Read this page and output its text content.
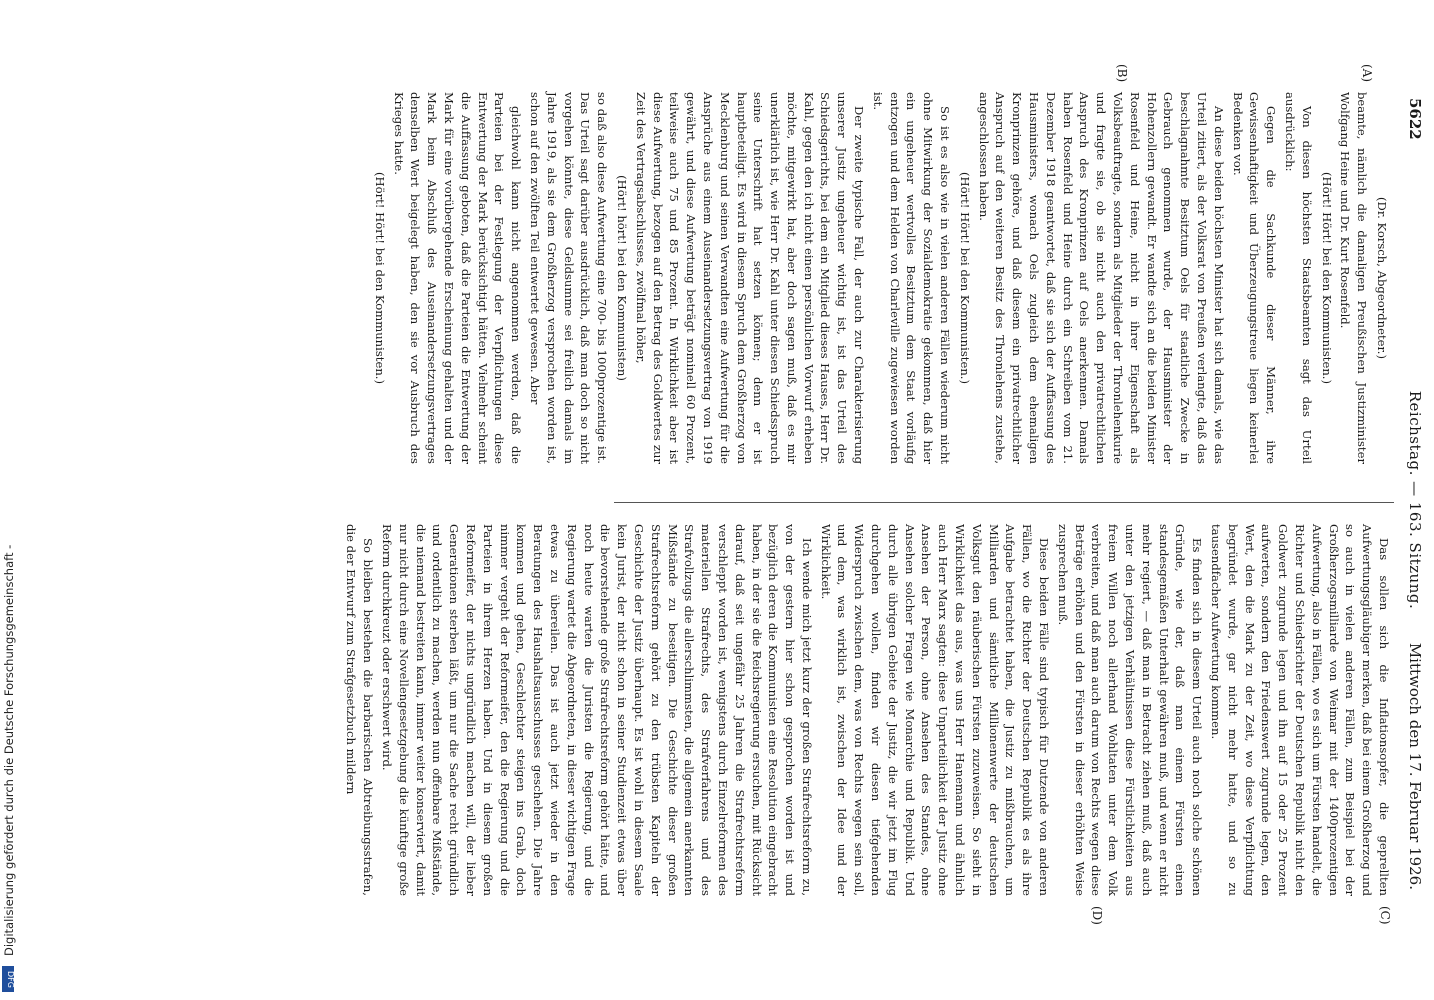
5622
Reichstag. — 163. Sitzung.
Mittwoch den 17. Februar 1926.
(A)
(B)
(C)
(D)

(Dr. Korsch, Abgeordneter.)

beamte, nämlich die damaligen Preußischen Justizminister Wolfgang Heine und Dr. Kurt Rosenfeld.

(Hört! Hört! bei den Kommunisten.)

Von diesen höchsten Staatsbeamten sagt das Urteil ausdrücklich:

Gegen die Sachkunde dieser Männer, ihre Gewissenhaftigkeit und Überzeugungstreue liegen keinerlei Bedenken vor.

An diese beiden höchsten Minister hat sich damals, wie das Urteil zitiert, als der Volksrat von Preußen verlangte, daß das beschlagnahmte Besitztum Oels für staatliche Zwecke in Gebrauch genommen wurde, der Hausminister der Hohenzollern gewandt. Er wandte sich an die beiden Minister Rosenfeld und Heine, nicht in ihrer Eigenschaft als Volksbeauftragte, sondern als Mitglieder der Thronlehenkurie und fragte sie, ob sie nicht auch den privatrechtlichen Anspruch des Kronprinzen auf Oels anerkennen. Damals haben Rosenfeld und Heine durch ein Schreiben vom 21. Dezember 1918 geantwortet, daß sie sich der Auffassung des Hausministers, wonach Oels zugleich dem ehemaligen Kronprinzen gehöre, und daß diesem ein privatrechtlicher Anspruch auf den weiteren Besitz des Thronlehens zustehe, angeschlossen haben.

(Hört! Hört! bei den Kommunisten.)

So ist es also wie in vielen anderen Fällen wiederum nicht ohne Mitwirkung der Sozialdemokratie gekommen, daß hier ein ungeheuer wertvolles Besitztum dem Staat vorläufig entzogen und dem Helden von Charleville zugewiesen worden ist.

Der zweite typische Fall, der auch zur Charakterisierung unserer Justiz ungeheuer wichtig ist, ist das Urteil des Schiedsgerichts, bei dem ein Mitglied dieses Hauses, Herr Dr. Kahl, gegen den ich nicht einen persönlichen Vorwurf erheben möchte, mitgewirkt hat, aber doch sagen muß, daß es mir unerklärlich ist, wie Herr Dr. Kahl unter diesen Schiedsspruch seine Unterschrift hat setzen können; denn er ist hauptbeteiligt. Es wird in diesem Spruch dem Großherzog von Mecklenburg und seinen Verwandten eine Aufwertung für die Ansprüche aus einem Auseinandersetzungsvertrag von 1919 gewährt, und diese Aufwertung beträgt nominell 60 Prozent, teilweise auch 75 und 85 Prozent. In Wirklichkeit aber ist diese Aufwertung, bezogen auf den Betrag des Goldwertes zur Zeit des Vertragsabschlusses, zwölfmal höher,

(Hört! hört! bei den Kommunisten)

so daß also diese Aufwertung eine 700- bis 1000prozentige ist. Das Urteil sagt darüber ausdrücklich, daß man doch so nicht vorgehen könnte, diese Geldsumme sei freilich damals im Jahre 1919, als sie dem Großherzog versprochen worden ist, schon auf den zwölften Teil entwertet gewesen. Aber

gleichwohl kann nicht angenommen werden, daß die Parteien bei der Festlegung der Verpflichtungen diese Entwertung der Mark berücksichtigt hätten. Vielmehr scheint die Auffassung geboten, daß die Parteien die Entwertung der Mark für eine vorübergehende Erscheinung gehalten und der Mark beim Abschluß des Auseinandersetzungsvertrages denselben Wert beigelegt haben, den sie vor Ausbruch des Krieges hatte.

(Hört! Hört! bei den Kommunisten.)

Das sollen sich die Inflationsopfer, die geprellten Aufwertungsgläubiger merken, daß bei einem Großherzog und so auch in vielen anderen Fällen, zum Beispiel bei der Großherzogsmilliarde von Weimar mit der 1400prozentigen Aufwertung, also in Fällen, wo es sich um Fürsten handelt, die Richter und Schiedsrichter der Deutschen Republik nicht den Goldwert zugrunde legen und ihn auf 15 oder 25 Prozent aufwerten, sondern den Friedenswert zugrunde legen, den Wert, den die Mark zu der Zeit, wo diese Verpflichtung begründet wurde, gar nicht mehr hatte, und so zu tausendfacher Aufwertung kommen.

Es finden sich in diesem Urteil auch noch solche schönen Gründe, wie der, daß man einem Fürsten einen standesgemäßen Unterhalt gewähren muß, und wenn er nicht mehr regiert, — daß man in Betracht ziehen muß, daß auch unter den jetzigen Verhältnissen diese Fürstlichkeiten aus freiem Willen noch allerhand Wohltaten unter dem Volk verbreiten, und daß man auch darum von Rechts wegen diese Beträge erhöhen und den Fürsten in dieser erhöhten Weise zusprechen muß.

Diese beiden Fälle sind typisch für Dutzende von anderen Fällen, wo die Richter der Deutschen Republik es als ihre Aufgabe betrachtet haben, die Justiz zu mißbrauchen, um Milliarden und sämtliche Millionenwerte der deutschen Volksgut den räuberischen Fürsten zuzuweisen. So sieht in Wirklichkeit das aus, was uns Herr Hanemann und ähnlich auch Herr Marx sagten: diese Unparteilichkeit der Justiz ohne Ansehen der Person, ohne Ansehen des Standes, ohne Ansehen solcher Fragen wie Monarchie und Republik. Und durch alle übrigen Gebiete der Justiz, die wir jetzt im Flug durchgehen wollen, finden wir diesen tiefgehenden Widerspruch zwischen dem, was von Rechts wegen sein soll, und dem, was wirklich ist, zwischen der Idee und der Wirklichkeit.

Ich wende mich jetzt kurz der großen Strafrechtsreform zu, von der gestern hier schon gesprochen worden ist und bezüglich deren die Kommunisten eine Resolution eingebracht haben, in der sie die Reichsregierung ersuchen, mit Rücksicht darauf, daß seit ungefähr 25 Jahren die Strafrechtsreform verschleppt worden ist, wenigstens durch Einzelreformen des materiellen Strafrechts, des Strafverfahrens und des Strafvollzugs die allerschlimmsten, die allgemein anerkannten Mißstände zu beseitigen. Die Geschichte dieser großen Strafrechtsreform gehört zu den trübsten Kapiteln der Geschichte der Justiz überhaupt. Es ist wohl in diesem Saale kein Jurist, der nicht schon in seiner Studienzeit etwas über die bevorstehende große Strafrechtsreform gehört hätte, und noch heute warten die Juristen die Regierung, und die Regierung wartet die Abgeordneten, in dieser wichtigen Frage etwas zu übereilen. Das ist auch jetzt wieder in den Beratungen des Haushaltsausschusses geschehen. Die Jahre kommen und gehen, Geschlechter steigen ins Grab, doch nimmer vergeht der Reformeifer, den die Regierung und die Parteien in ihrem Herzen haben. Und in diesem großen Reformeifer, der nichts ungründlich machen will, der lieber Generationen sterben läßt, um nur die Sache recht gründlich und ordentlich zu machen, werden nun offenbare Mißstände, die niemand bestreiten kann, immer weiter konserviert, damit nur nicht durch eine Novellengesetzgebung die künftige große Reform durchkreuzt oder erschwert wird.

So bleiben bestehen die barbarischen Abtreibungsstrafen, die der Entwurf zum Strafgesetzbuch mildern

Digitalisierung gefördert durch die Deutsche Forschungsgemeinschaft -
DFG
